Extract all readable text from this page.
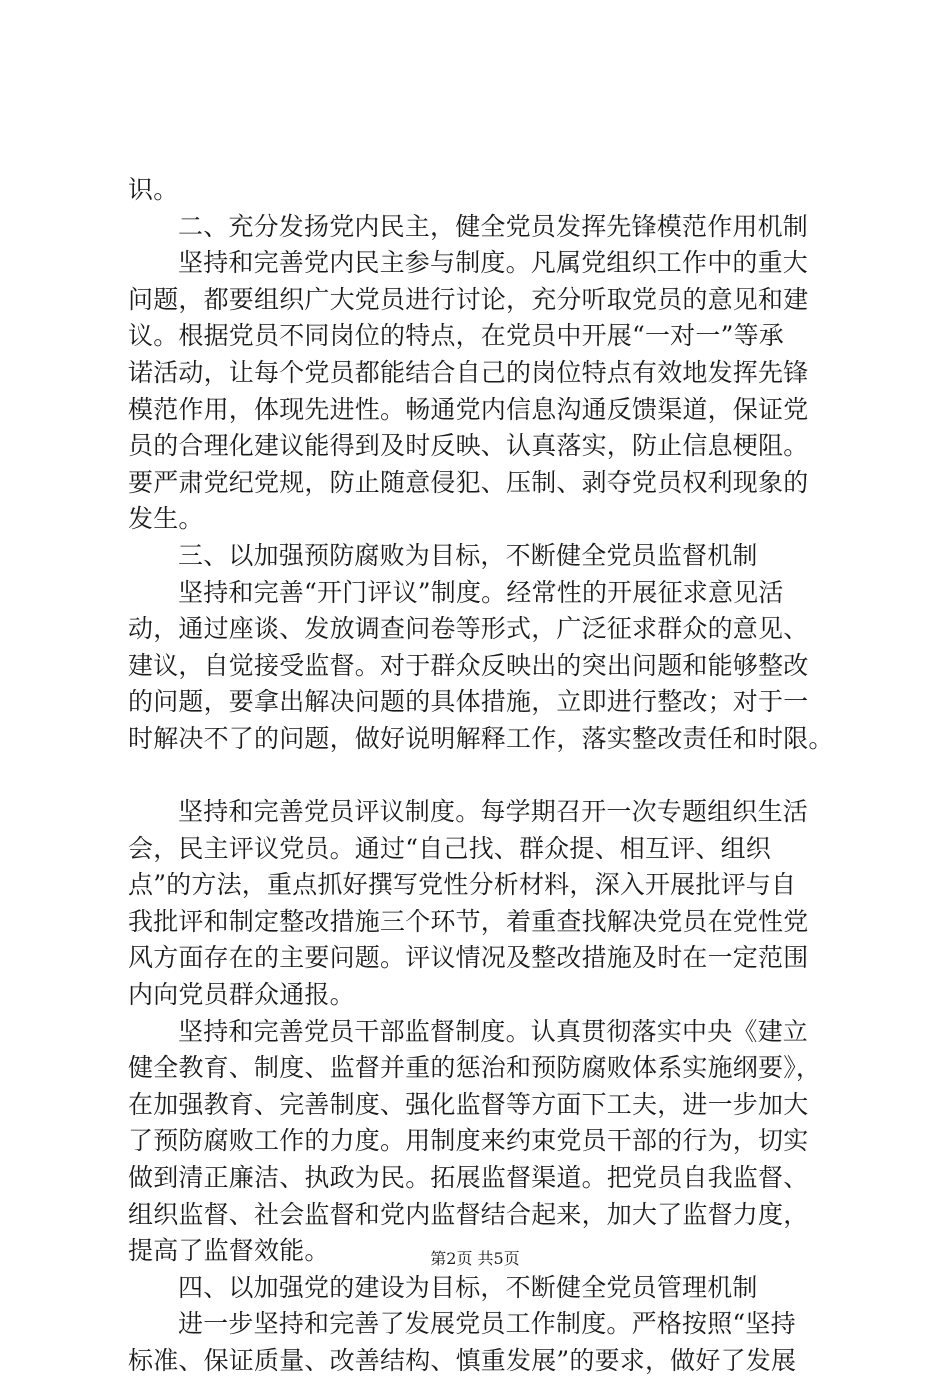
识。
二、充分发扬党内民主，健全党员发挥先锋模范作用机制
坚持和完善党内民主参与制度。凡属党组织工作中的重大
问题，都要组织广大党员进行讨论，充分听取党员的意见和建
议。根据党员不同岗位的特点，在党员中开展“一对一”等承
诺活动，让每个党员都能结合自己的岗位特点有效地发挥先锋
模范作用，体现先进性。畅通党内信息沟通反馈渠道，保证党
员的合理化建议能得到及时反映、认真落实，防止信息梗阻。
要严肃党纪党规，防止随意侵犯、压制、剥夺党员权利现象的
发生。
三、以加强预防腐败为目标，不断健全党员监督机制
坚持和完善“开门评议”制度。经常性的开展征求意见活
动，通过座谈、发放调查问卷等形式，广泛征求群众的意见、
建议，自觉接受监督。对于群众反映出的突出问题和能够整改
的问题，要拿出解决问题的具体措施，立即进行整改；对于一
时解决不了的问题，做好说明解释工作，落实整改责任和时限。
坚持和完善党员评议制度。每学期召开一次专题组织生活
会，民主评议党员。通过“自己找、群众提、相互评、组织
点”的方法，重点抓好撰写党性分析材料，深入开展批评与自
我批评和制定整改措施三个环节，着重查找解决党员在党性党
风方面存在的主要问题。评议情况及整改措施及时在一定范围
内向党员群众通报。
坚持和完善党员干部监督制度。认真贯彻落实中央《建立
健全教育、制度、监督并重的惩治和预防腐败体系实施纲要》，
在加强教育、完善制度、强化监督等方面下工夫，进一步加大
了预防腐败工作的力度。用制度来约束党员干部的行为，切实
做到清正廉洁、执政为民。拓展监督渠道。把党员自我监督、
组织监督、社会监督和党内监督结合起来，加大了监督力度，
提高了监督效能。
四、以加强党的建设为目标，不断健全党员管理机制
进一步坚持和完善了发展党员工作制度。严格按照“坚持
标准、保证质量、改善结构、慎重发展”的要求，做好了发展
第2页 共5页
